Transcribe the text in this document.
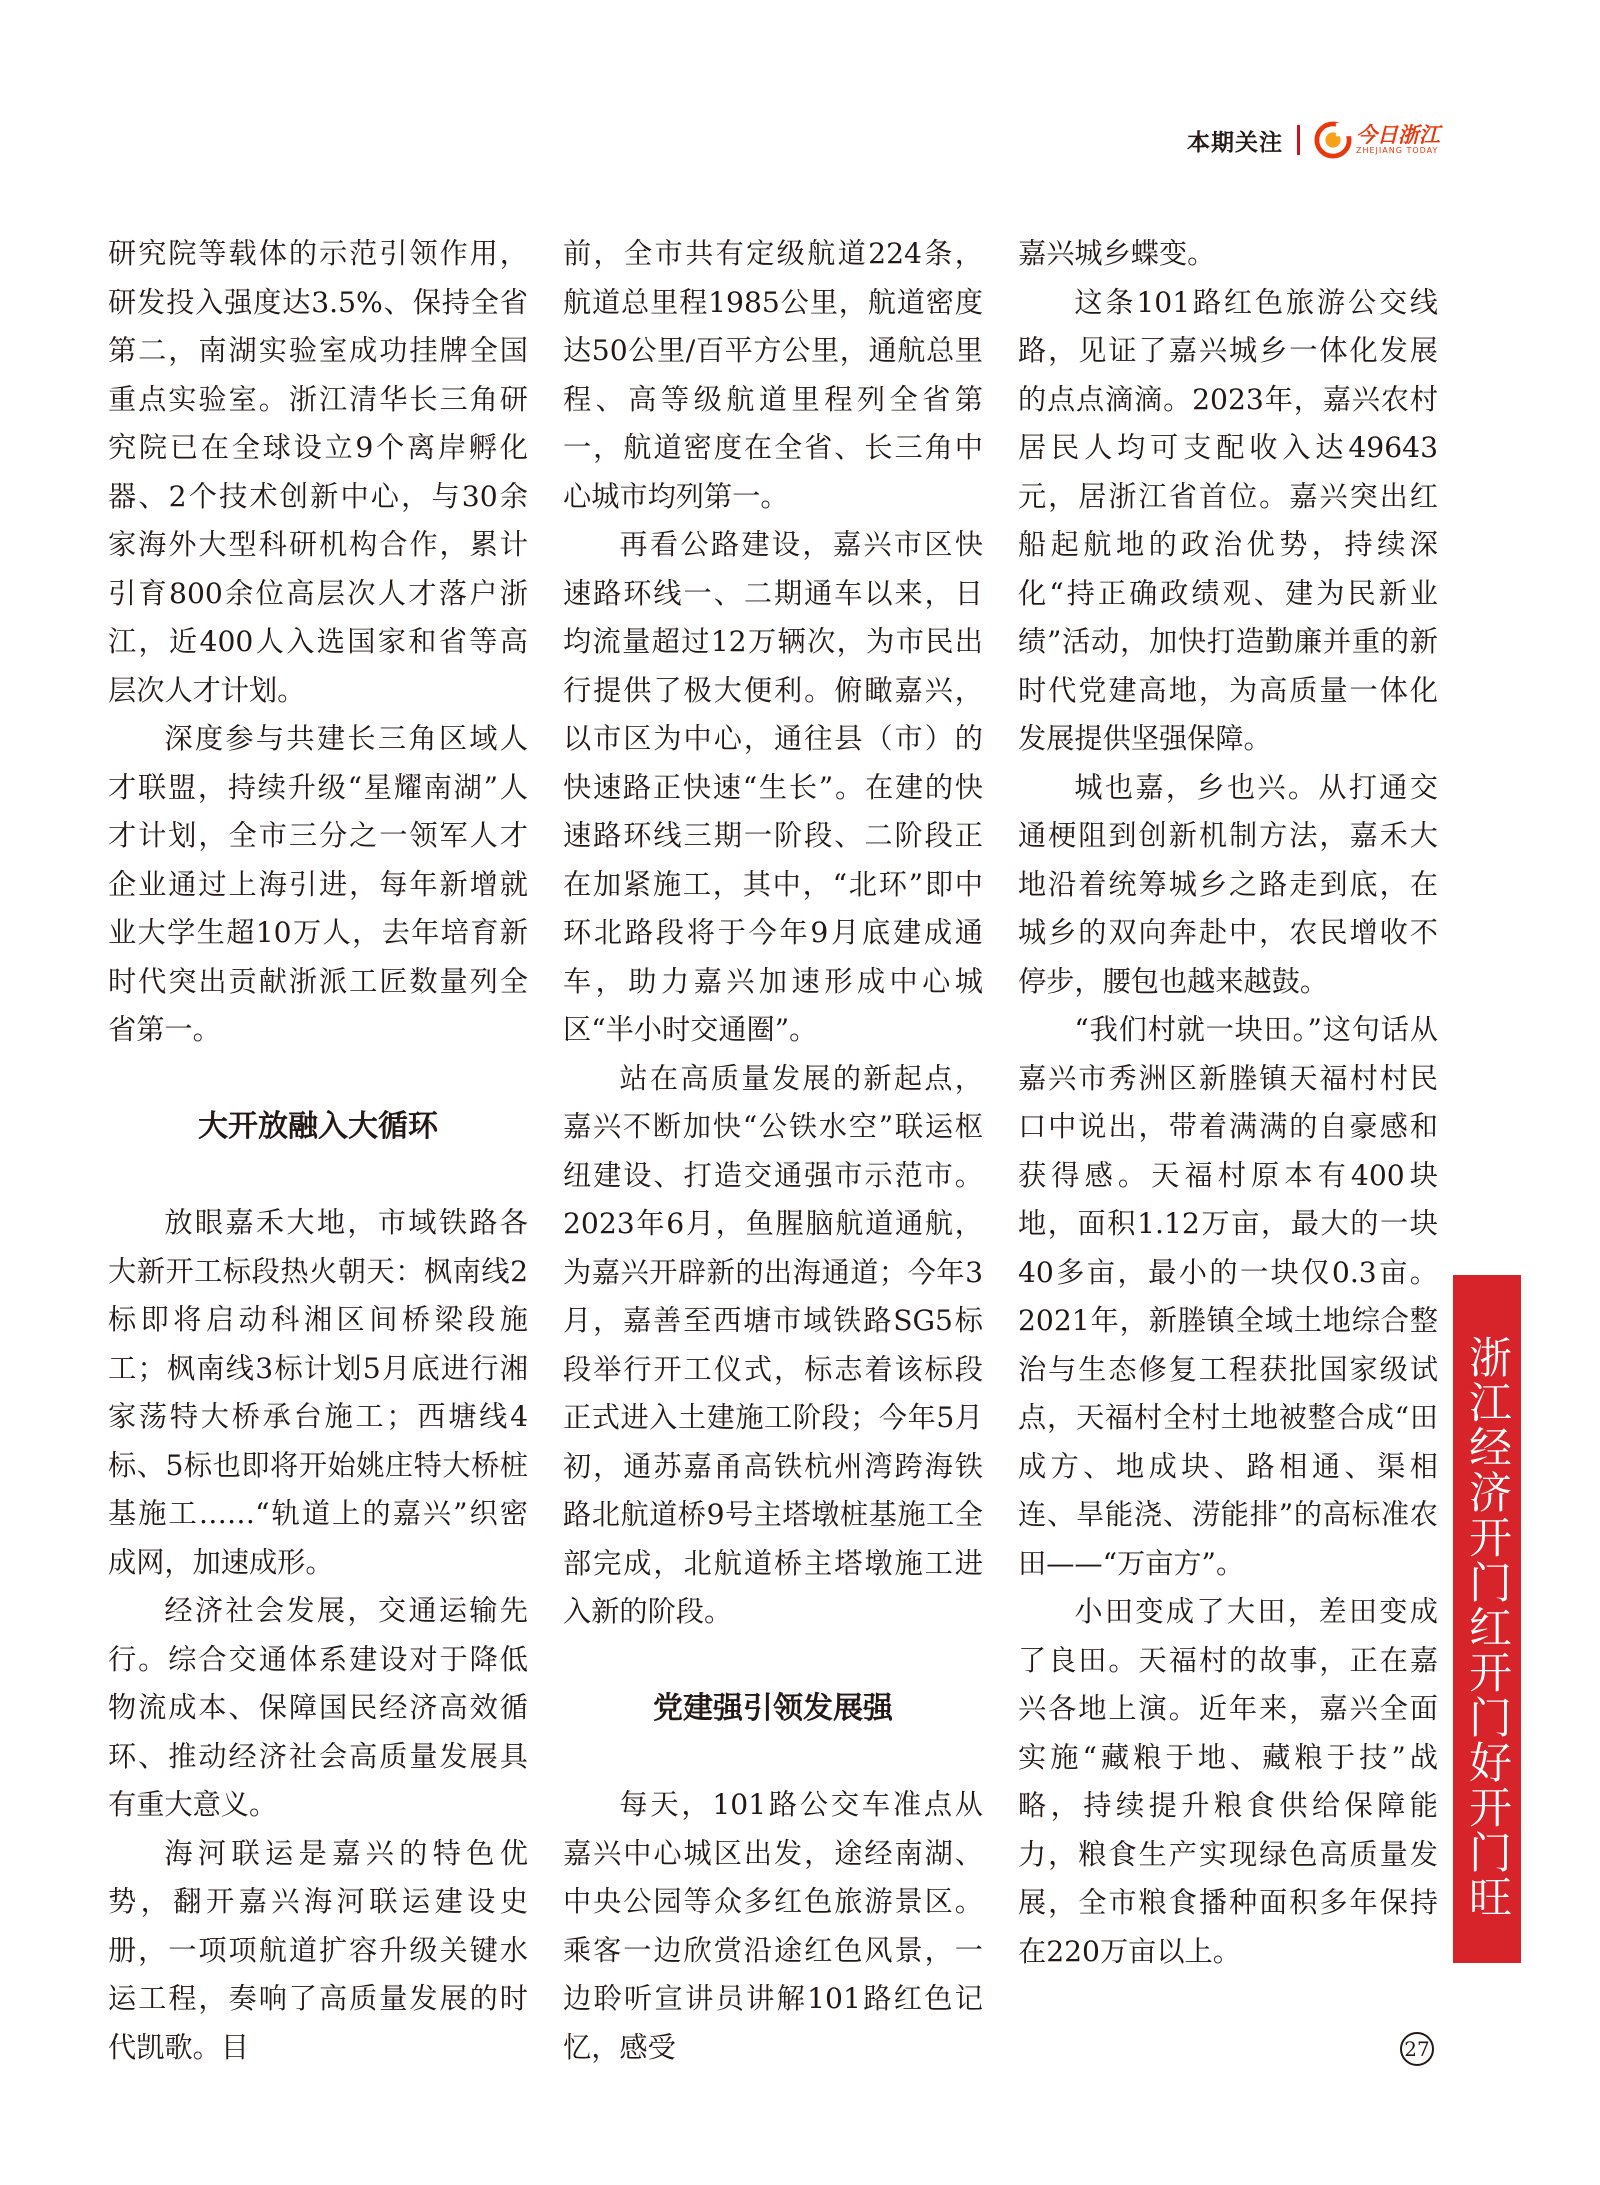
本期关注	今日浙江
ZHEJIANG TODAY

研究院等载体的示范引领作用，研发投入强度达3.5%、保持全省第二，南湖实验室成功挂牌全国重点实验室。浙江清华长三角研究院已在全球设立9个离岸孵化器、2个技术创新中心，与30余家海外大型科研机构合作，累计引育800余位高层次人才落户浙江，近400人入选国家和省等高层次人才计划。

深度参与共建长三角区域人才联盟，持续升级“星耀南湖”人才计划，全市三分之一领军人才企业通过上海引进，每年新增就业大学生超10万人，去年培育新时代突出贡献浙派工匠数量列全省第一。

大开放融入大循环

放眼嘉禾大地，市域铁路各大新开工标段热火朝天：枫南线2标即将启动科湘区间桥梁段施工；枫南线3标计划5月底进行湘家荡特大桥承台施工；西塘线4标、5标也即将开始姚庄特大桥桩基施工……“轨道上的嘉兴”织密成网，加速成形。

经济社会发展，交通运输先行。综合交通体系建设对于降低物流成本、保障国民经济高效循环、推动经济社会高质量发展具有重大意义。

海河联运是嘉兴的特色优势，翻开嘉兴海河联运建设史册，一项项航道扩容升级关键水运工程，奏响了高质量发展的时代凯歌。目

前，全市共有定级航道224条，航道总里程1985公里，航道密度达50公里/百平方公里，通航总里程、高等级航道里程列全省第一，航道密度在全省、长三角中心城市均列第一。

再看公路建设，嘉兴市区快速路环线一、二期通车以来，日均流量超过12万辆次，为市民出行提供了极大便利。俯瞰嘉兴，以市区为中心，通往县（市）的快速路正快速“生长”。在建的快速路环线三期一阶段、二阶段正在加紧施工，其中，“北环”即中环北路段将于今年9月底建成通车，助力嘉兴加速形成中心城区“半小时交通圈”。

站在高质量发展的新起点，嘉兴不断加快“公铁水空”联运枢纽建设、打造交通强市示范市。2023年6月，鱼腥脑航道通航，为嘉兴开辟新的出海通道；今年3月，嘉善至西塘市域铁路SG5标段举行开工仪式，标志着该标段正式进入土建施工阶段；今年5月初，通苏嘉甬高铁杭州湾跨海铁路北航道桥9号主塔墩桩基施工全部完成，北航道桥主塔墩施工进入新的阶段。

党建强引领发展强

每天，101路公交车准点从嘉兴中心城区出发，途经南湖、中央公园等众多红色旅游景区。乘客一边欣赏沿途红色风景，一边聆听宣讲员讲解101路红色记忆，感受

嘉兴城乡蝶变。

这条101路红色旅游公交线路，见证了嘉兴城乡一体化发展的点点滴滴。2023年，嘉兴农村居民人均可支配收入达49643元，居浙江省首位。嘉兴突出红船起航地的政治优势，持续深化“持正确政绩观、建为民新业绩”活动，加快打造勤廉并重的新时代党建高地，为高质量一体化发展提供坚强保障。

城也嘉，乡也兴。从打通交通梗阻到创新机制方法，嘉禾大地沿着统筹城乡之路走到底，在城乡的双向奔赴中，农民增收不停步，腰包也越来越鼓。

“我们村就一块田。”这句话从嘉兴市秀洲区新塍镇天福村村民口中说出，带着满满的自豪感和获得感。天福村原本有400块地，面积1.12万亩，最大的一块40多亩，最小的一块仅0.3亩。2021年，新塍镇全域土地综合整治与生态修复工程获批国家级试点，天福村全村土地被整合成“田成方、地成块、路相通、渠相连、旱能浇、涝能排”的高标准农田——“万亩方”。

小田变成了大田，差田变成了良田。天福村的故事，正在嘉兴各地上演。近年来，嘉兴全面实施“藏粮于地、藏粮于技”战略，持续提升粮食供给保障能力，粮食生产实现绿色高质量发展，全市粮食播种面积多年保持在220万亩以上。

浙江经济开门红开门好开门旺
27
